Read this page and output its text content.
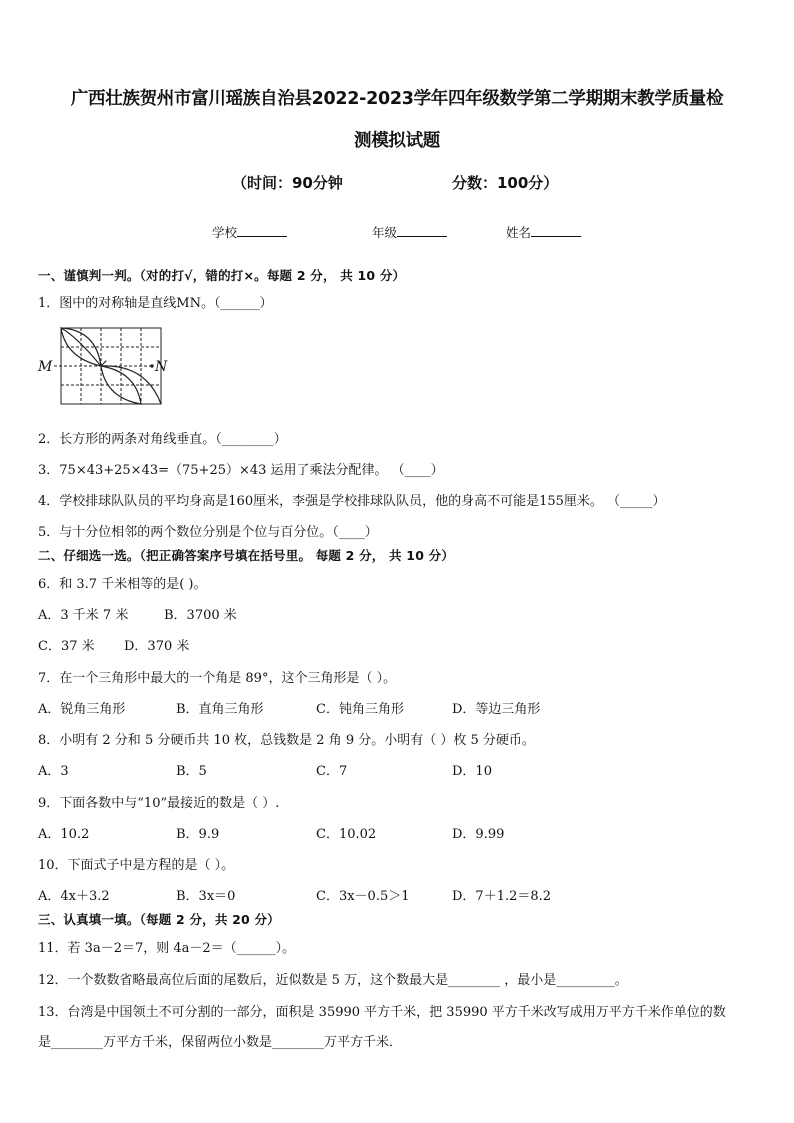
广西壮族贺州市富川瑶族自治县2022-2023学年四年级数学第二学期期末教学质量检
测模拟试题
（时间：90分钟	分数：100分）
学校	年级	姓名
一、谨慎判一判。（对的打√，错的打×。每题 2 分， 共 10 分）
1．图中的对称轴是直线MN。（______）
M	N
2．长方形的两条对角线垂直。（________）
3．75×43+25×43=（75+25）×43 运用了乘法分配律。 （____）
4．学校排球队队员的平均身高是160厘米，李强是学校排球队队员，他的身高不可能是155厘米。 （_____）
5．与十分位相邻的两个数位分别是个位与百分位。（____）
二、仔细选一选。（把正确答案序号填在括号里。 每题 2 分， 共 10 分）
6．和 3.7 千米相等的是( )。
A．3 千米 7 米	B．3700 米
C．37 米 D．370 米
7．在一个三角形中最大的一个角是 89°，这个三角形是（ ）。
A．锐角三角形	B．直角三角形	C．钝角三角形	D．等边三角形
8．小明有 2 分和 5 分硬币共 10 枚，总钱数是 2 角 9 分。小明有（ ）枚 5 分硬币。
A．3	B．5	C．7	D．10
9．下面各数中与“10”最接近的数是（ ）.
A．10.2	B．9.9	C．10.02	D．9.99
10．下面式子中是方程的是（ ）。
A．4x＋3.2	B．3x＝0	C．3x－0.5＞1	D．7＋1.2＝8.2
三、认真填一填。（每题 2 分，共 20 分）
11．若 3a－2＝7，则 4a－2＝（______）。
12．一个数数省略最高位后面的尾数后，近似数是 5 万，这个数最大是________ ，最小是_________。
13．台湾是中国领土不可分割的一部分，面积是 35990 平方千米，把 35990 平方千米改写成用万平方千米作单位的数
是________万平方千米，保留两位小数是________万平方千米．
